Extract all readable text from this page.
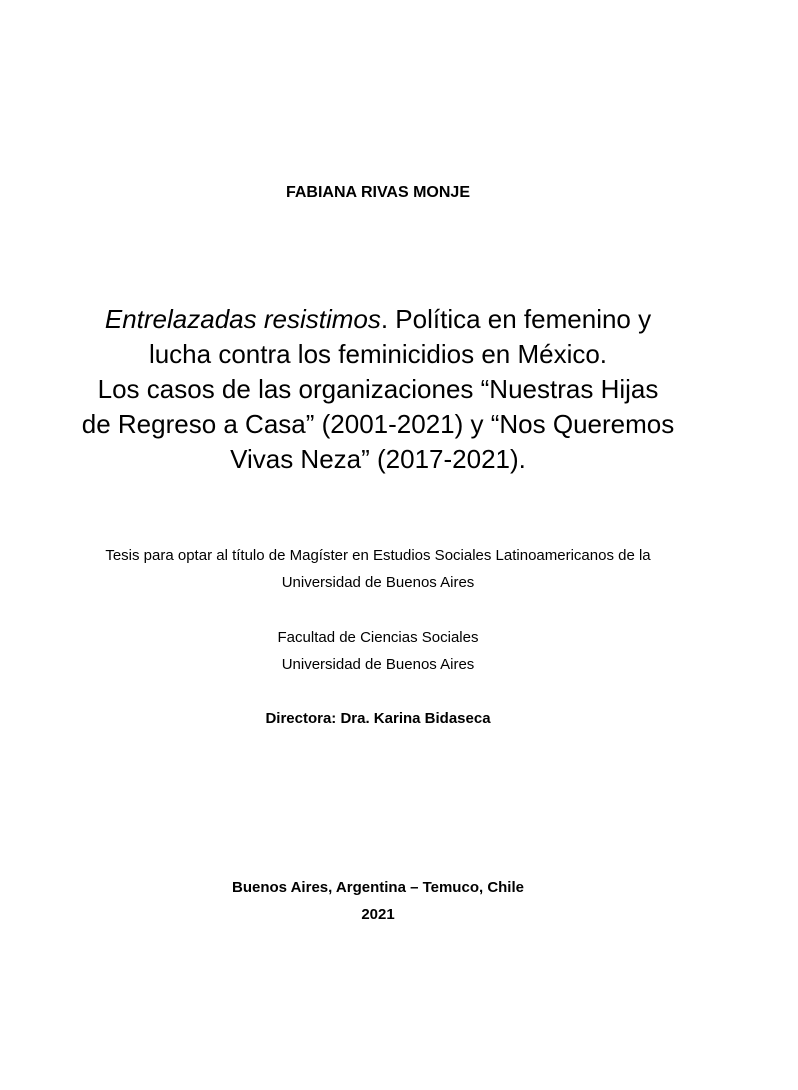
FABIANA RIVAS MONJE
Entrelazadas resistimos. Política en femenino y
lucha contra los feminicidios en México.
Los casos de las organizaciones “Nuestras Hijas
de Regreso a Casa” (2001-2021) y “Nos Queremos
Vivas Neza” (2017-2021).
Tesis para optar al título de Magíster en Estudios Sociales Latinoamericanos de la
Universidad de Buenos Aires
Facultad de Ciencias Sociales
Universidad de Buenos Aires
Directora: Dra. Karina Bidaseca
Buenos Aires, Argentina – Temuco, Chile
2021
